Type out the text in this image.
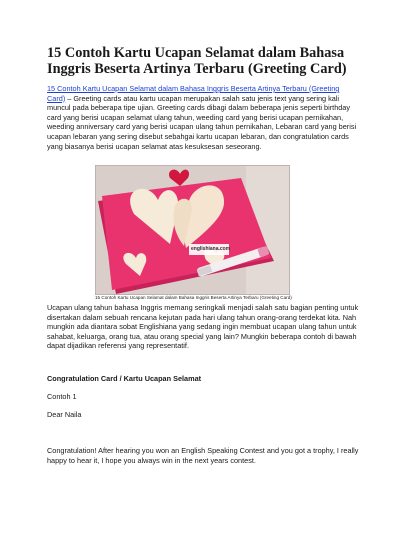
15 Contoh Kartu Ucapan Selamat dalam Bahasa Inggris Beserta Artinya Terbaru (Greeting Card)

15 Contoh Kartu Ucapan Selamat dalam Bahasa Inggris Beserta Artinya Terbaru (Greeting Card) – Greeting cards atau kartu ucapan merupakan salah satu jenis text yang sering kali muncul pada beberapa tipe ujian. Greeting cards dibagi dalam beberapa jenis seperti birthday card yang berisi ucapan selamat ulang tahun, weeding card yang berisi ucapan pernikahan, weeding anniversary card yang berisi ucapan ulang tahun pernikahan, Lebaran card yang berisi ucapan lebaran yang sering disebut sebahgai kartu ucapan lebaran, dan congratulation cards yang biasanya berisi ucapan selamat atas kesuksesan seseorang.

englishiana.com

15 Contoh Kartu Ucapan Selamat dalam Bahasa Inggris Beserta Artinya Terbaru (Greeting Card)

Ucapan ulang tahun bahasa Inggris memang seringkali menjadi salah satu bagian penting untuk disertakan dalam sebuah rencana kejutan pada hari ulang tahun orang-orang terdekat kita. Nah mungkin ada diantara sobat Englishiana yang sedang ingin membuat ucapan ulang tahun untuk sahabat, keluarga, orang tua, atau orang special yang lain? Mungkin beberapa contoh di bawah dapat dijadikan referensi yang representatif.

Congratulation Card / Kartu Ucapan Selamat

Contoh 1

Dear Naila

Congratulation! After hearing you won an English Speaking Contest and you got a trophy, I really happy to hear it, I hope you always win in the next years contest.
